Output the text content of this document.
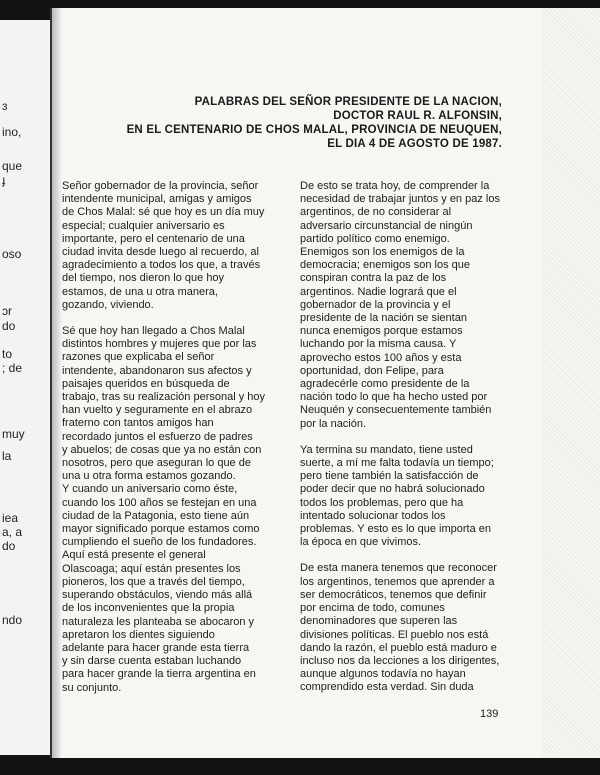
ɜ
ino,
que
ɟ
oso
ɔr
do
to
; de
muy
la
iea
a, a
do
ndo
PALABRAS DEL SEÑOR PRESIDENTE DE LA NACION,
DOCTOR RAUL R. ALFONSIN,
EN EL CENTENARIO DE CHOS MALAL, PROVINCIA DE NEUQUEN,
EL DIA 4 DE AGOSTO DE 1987.
Señor gobernador de la provincia, señor
intendente municipal, amigas y amigos
de Chos Malal: sé que hoy es un día muy
especial; cualquier aniversario es
importante, pero el centenario de una
ciudad invita desde luego al recuerdo, al
agradecimiento a todos los que, a través
del tiempo, nos dieron lo que hoy
estamos, de una u otra manera,
gozando, viviendo.
Sé que hoy han llegado a Chos Malal
distintos hombres y mujeres que por las
razones que explicaba el señor
intendente, abandonaron sus afectos y
paisajes queridos en búsqueda de
trabajo, tras su realización personal y hoy
han vuelto y seguramente en el abrazo
fraterno con tantos amigos han
recordado juntos el esfuerzo de padres
y abuelos; de cosas que ya no están con
nosotros, pero que aseguran lo que de
una u otra forma estamos gozando.
Y cuando un aniversario como éste,
cuando los 100 años se festejan en una
ciudad de la Patagonia, esto tiene aún
mayor significado porque estamos como
cumpliendo el sueño de los fundadores.
Aquí está presente el general
Olascoaga; aquí están presentes los
pioneros, los que a través del tiempo,
superando obstáculos, viendo más allá
de los inconvenientes que la propia
naturaleza les planteaba se abocaron y
apretaron los dientes siguiendo
adelante para hacer grande esta tierra
y sin darse cuenta estaban luchando
para hacer grande la tierra argentina en
su conjunto.
De esto se trata hoy, de comprender la
necesidad de trabajar juntos y en paz los
argentinos, de no considerar al
adversario circunstancial de ningún
partido político como enemigo.
Enemigos son los enemigos de la
democracia; enemigos son los que
conspiran contra la paz de los
argentinos. Nadie logrará que el
gobernador de la provincia y el
presidente de la nación se sientan
nunca enemigos porque estamos
luchando por la misma causa. Y
aprovecho estos 100 años y esta
oportunidad, don Felipe, para
agradecérle como presidente de la
nación todo lo que ha hecho usted por
Neuquén y consecuentemente también
por la nación.
Ya termina su mandato, tiene usted
suerte, a mí me falta todavía un tiempo;
pero tiene también la satisfacción de
poder decir que no habrá solucionado
todos los problemas, pero que ha
intentado solucionar todos los
problemas. Y esto es lo que importa en
la época en que vivimos.
De esta manera tenemos que reconocer
los argentinos, tenemos que aprender a
ser democráticos, tenemos que definir
por encima de todo, comunes
denominadores que superen las
divisiones políticas. El pueblo nos está
dando la razón, el pueblo está maduro e
incluso nos da lecciones a los dirigentes,
aunque algunos todavía no hayan
comprendido esta verdad. Sin duda
139
